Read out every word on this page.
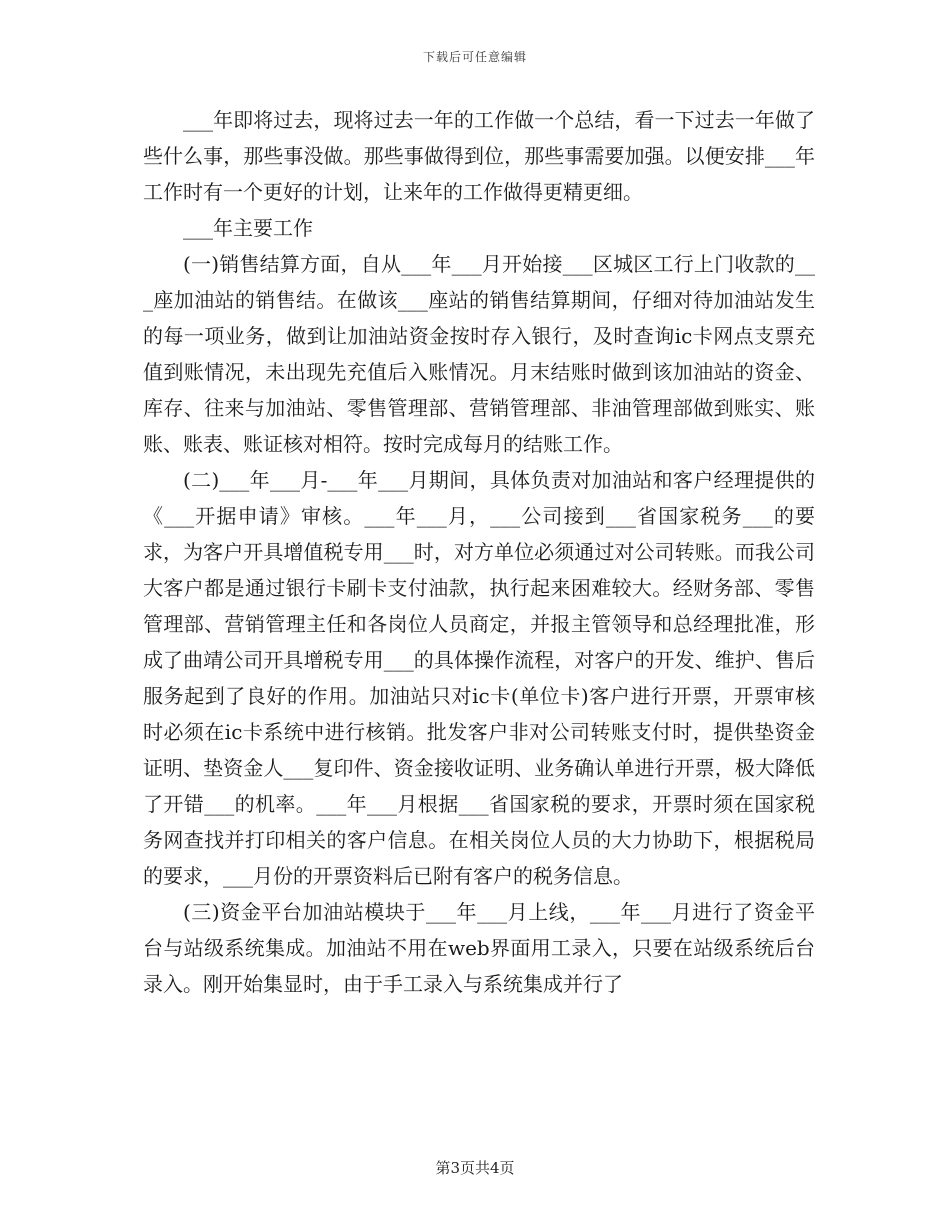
下载后可任意编辑

___年即将过去，现将过去一年的工作做一个总结，看一下过去一年做了些什么事，那些事没做。那些事做得到位，那些事需要加强。以便安排___年工作时有一个更好的计划，让来年的工作做得更精更细。

___年主要工作

(一)销售结算方面，自从___年___月开始接___区城区工行上门收款的___座加油站的销售结。在做该___座站的销售结算期间，仔细对待加油站发生的每一项业务，做到让加油站资金按时存入银行，及时查询ic卡网点支票充值到账情况，未出现先充值后入账情况。月末结账时做到该加油站的资金、库存、往来与加油站、零售管理部、营销管理部、非油管理部做到账实、账账、账表、账证核对相符。按时完成每月的结账工作。

(二)___年___月-___年___月期间，具体负责对加油站和客户经理提供的《___开据申请》审核。___年___月，___公司接到___省国家税务___的要求，为客户开具增值税专用___时，对方单位必须通过对公司转账。而我公司大客户都是通过银行卡刷卡支付油款，执行起来困难较大。经财务部、零售管理部、营销管理主任和各岗位人员商定，并报主管领导和总经理批准，形成了曲靖公司开具增税专用___的具体操作流程，对客户的开发、维护、售后服务起到了良好的作用。加油站只对ic卡(单位卡)客户进行开票，开票审核时必须在ic卡系统中进行核销。批发客户非对公司转账支付时，提供垫资金证明、垫资金人___复印件、资金接收证明、业务确认单进行开票，极大降低了开错___的机率。___年___月根据___省国家税的要求，开票时须在国家税务网查找并打印相关的客户信息。在相关岗位人员的大力协助下，根据税局的要求，___月份的开票资料后已附有客户的税务信息。

(三)资金平台加油站模块于___年___月上线，___年___月进行了资金平台与站级系统集成。加油站不用在web界面用工录入，只要在站级系统后台录入。刚开始集显时，由于手工录入与系统集成并行了

第3页共4页
